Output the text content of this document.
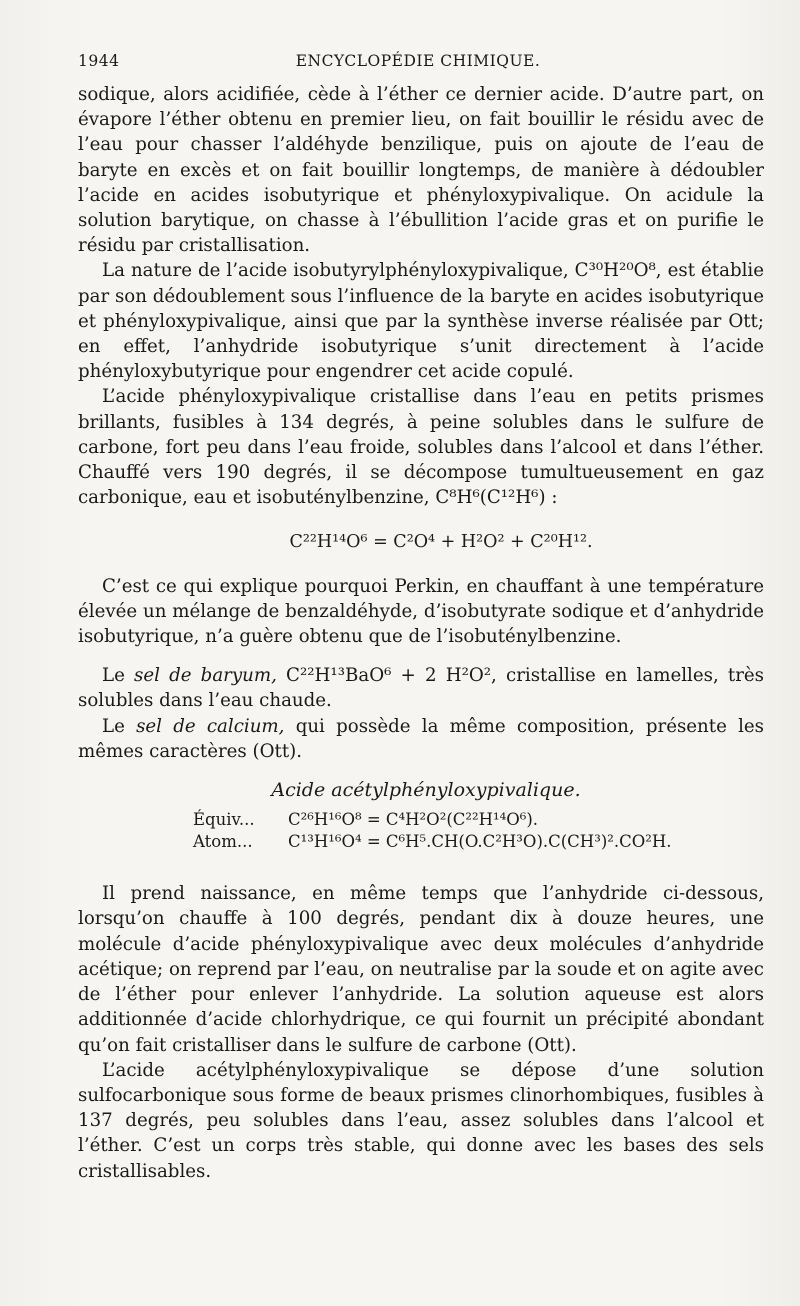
1944	ENCYCLOPÉDIE CHIMIQUE.

sodique, alors acidifiée, cède à l’éther ce dernier acide. D’autre part, on évapore l’éther obtenu en premier lieu, on fait bouillir le résidu avec de l’eau pour chasser l’aldéhyde benzilique, puis on ajoute de l’eau de baryte en excès et on fait bouillir longtemps, de manière à dédoubler l’acide en acides isobutyrique et phényloxypivalique. On acidule la solution barytique, on chasse à l’ébullition l’acide gras et on purifie le résidu par cristallisation.

La nature de l’acide isobutyrylphényloxypivalique, C³⁰H²⁰O⁸, est établie par son dédoublement sous l’influence de la baryte en acides isobutyrique et phényloxypivalique, ainsi que par la synthèse inverse réalisée par Ott; en effet, l’anhydride isobutyrique s’unit directement à l’acide phényloxybutyrique pour engendrer cet acide copulé.

L’acide phényloxypivalique cristallise dans l’eau en petits prismes brillants, fusibles à 134 degrés, à peine solubles dans le sulfure de carbone, fort peu dans l’eau froide, solubles dans l’alcool et dans l’éther. Chauffé vers 190 degrés, il se décompose tumultueusement en gaz carbonique, eau et isobuténylbenzine, C⁸H⁶(C¹²H⁶) :

C²²H¹⁴O⁶ = C²O⁴ + H²O² + C²⁰H¹².

C’est ce qui explique pourquoi Perkin, en chauffant à une température élevée un mélange de benzaldéhyde, d’isobutyrate sodique et d’anhydride isobutyrique, n’a guère obtenu que de l’isobuténylbenzine.

Le sel de baryum, C²²H¹³BaO⁶ + 2 H²O², cristallise en lamelles, très solubles dans l’eau chaude.

Le sel de calcium, qui possède la même composition, présente les mêmes caractères (Ott).

Acide acétylphényloxypivalique.
Équiv...	C²⁶H¹⁶O⁸ = C⁴H²O²(C²²H¹⁴O⁶).
Atom...	C¹³H¹⁶O⁴ = C⁶H⁵.CH(O.C²H³O).C(CH³)².CO²H.

Il prend naissance, en même temps que l’anhydride ci-dessous, lorsqu’on chauffe à 100 degrés, pendant dix à douze heures, une molécule d’acide phényloxypivalique avec deux molécules d’anhydride acétique; on reprend par l’eau, on neutralise par la soude et on agite avec de l’éther pour enlever l’anhydride. La solution aqueuse est alors additionnée d’acide chlorhydrique, ce qui fournit un précipité abondant qu’on fait cristalliser dans le sulfure de carbone (Ott).

L’acide acétylphényloxypivalique se dépose d’une solution sulfocarbonique sous forme de beaux prismes clinorhombiques, fusibles à 137 degrés, peu solubles dans l’eau, assez solubles dans l’alcool et l’éther. C’est un corps très stable, qui donne avec les bases des sels cristallisables.
